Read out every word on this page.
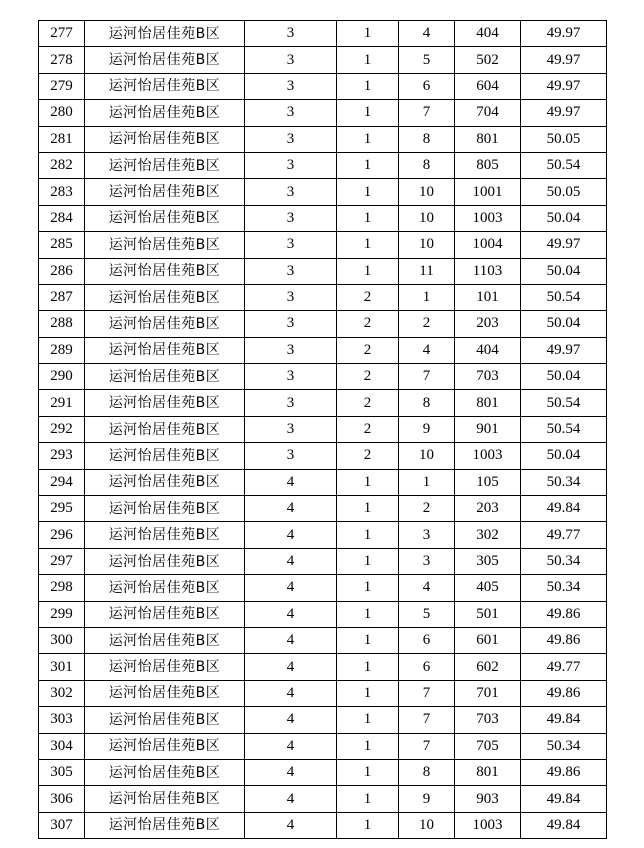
277	运河怡居佳苑B区	3	1	4	404	49.97
278	运河怡居佳苑B区	3	1	5	502	49.97
279	运河怡居佳苑B区	3	1	6	604	49.97
280	运河怡居佳苑B区	3	1	7	704	49.97
281	运河怡居佳苑B区	3	1	8	801	50.05
282	运河怡居佳苑B区	3	1	8	805	50.54
283	运河怡居佳苑B区	3	1	10	1001	50.05
284	运河怡居佳苑B区	3	1	10	1003	50.04
285	运河怡居佳苑B区	3	1	10	1004	49.97
286	运河怡居佳苑B区	3	1	11	1103	50.04
287	运河怡居佳苑B区	3	2	1	101	50.54
288	运河怡居佳苑B区	3	2	2	203	50.04
289	运河怡居佳苑B区	3	2	4	404	49.97
290	运河怡居佳苑B区	3	2	7	703	50.04
291	运河怡居佳苑B区	3	2	8	801	50.54
292	运河怡居佳苑B区	3	2	9	901	50.54
293	运河怡居佳苑B区	3	2	10	1003	50.04
294	运河怡居佳苑B区	4	1	1	105	50.34
295	运河怡居佳苑B区	4	1	2	203	49.84
296	运河怡居佳苑B区	4	1	3	302	49.77
297	运河怡居佳苑B区	4	1	3	305	50.34
298	运河怡居佳苑B区	4	1	4	405	50.34
299	运河怡居佳苑B区	4	1	5	501	49.86
300	运河怡居佳苑B区	4	1	6	601	49.86
301	运河怡居佳苑B区	4	1	6	602	49.77
302	运河怡居佳苑B区	4	1	7	701	49.86
303	运河怡居佳苑B区	4	1	7	703	49.84
304	运河怡居佳苑B区	4	1	7	705	50.34
305	运河怡居佳苑B区	4	1	8	801	49.86
306	运河怡居佳苑B区	4	1	9	903	49.84
307	运河怡居佳苑B区	4	1	10	1003	49.84
